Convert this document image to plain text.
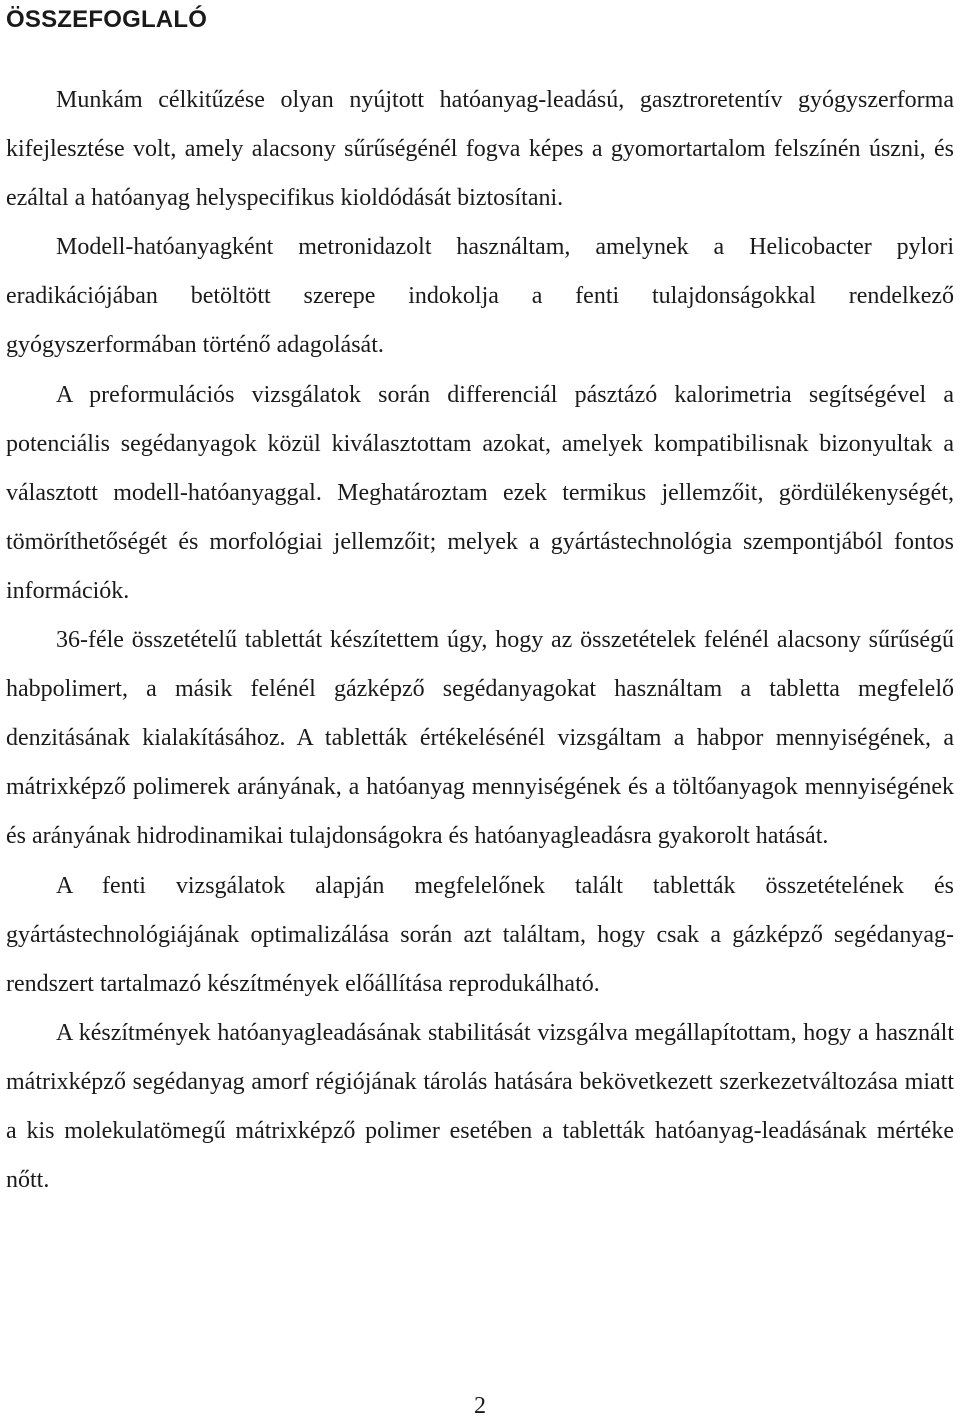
ÖSSZEFOGLALÓ

Munkám célkitűzése olyan nyújtott hatóanyag-leadású, gasztroretentív gyógyszerforma kifejlesztése volt, amely alacsony sűrűségénél fogva képes a gyomortartalom felszínén úszni, és ezáltal a hatóanyag helyspecifikus kioldódását biztosítani.

Modell-hatóanyagként metronidazolt használtam, amelynek a Helicobacter pylori eradikációjában betöltött szerepe indokolja a fenti tulajdonságokkal rendelkező gyógyszerformában történő adagolását.

A preformulációs vizsgálatok során differenciál pásztázó kalorimetria segítségével a potenciális segédanyagok közül kiválasztottam azokat, amelyek kompatibilisnak bizonyultak a választott modell-hatóanyaggal. Meghatároztam ezek termikus jellemzőit, gördülékenységét, tömöríthetőségét és morfológiai jellemzőit; melyek a gyártástechnológia szempontjából fontos információk.

36-féle összetételű tablettát készítettem úgy, hogy az összetételek felénél alacsony sűrűségű habpolimert, a másik felénél gázképző segédanyagokat használtam a tabletta megfelelő denzitásának kialakításához. A tabletták értékelésénél vizsgáltam a habpor mennyiségének, a mátrixképző polimerek arányának, a hatóanyag mennyiségének és a töltőanyagok mennyiségének és arányának hidrodinamikai tulajdonságokra és hatóanyagleadásra gyakorolt hatását.

A fenti vizsgálatok alapján megfelelőnek talált tabletták összetételének és gyártástechnológiájának optimalizálása során azt találtam, hogy csak a gázképző segédanyag-rendszert tartalmazó készítmények előállítása reprodukálható.

A készítmények hatóanyagleadásának stabilitását vizsgálva megállapítottam, hogy a használt mátrixképző segédanyag amorf régiójának tárolás hatására bekövetkezett szerkezetváltozása miatt a kis molekulatömegű mátrixképző polimer esetében a tabletták hatóanyag-leadásának mértéke nőtt.

2
